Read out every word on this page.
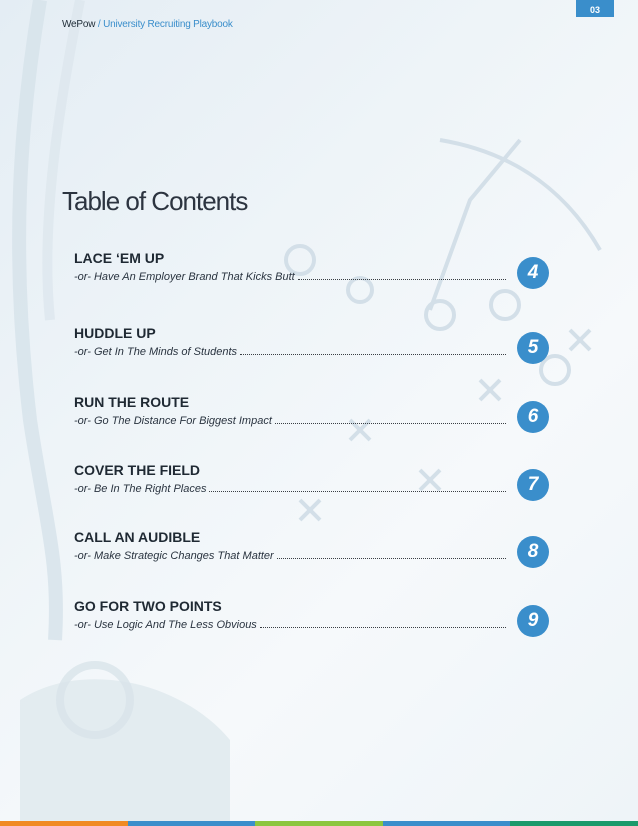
03
WePow / University Recruiting Playbook
Table of Contents
LACE ‘EM UP
-or- Have An Employer Brand That Kicks Butt	4
HUDDLE UP
-or- Get In The Minds of Students	5
RUN THE ROUTE
-or- Go The Distance For Biggest Impact	6
COVER THE FIELD
-or- Be In The Right Places	7
CALL AN AUDIBLE
-or- Make Strategic Changes That Matter	8
GO FOR TWO POINTS
-or- Use Logic And The Less Obvious	9
